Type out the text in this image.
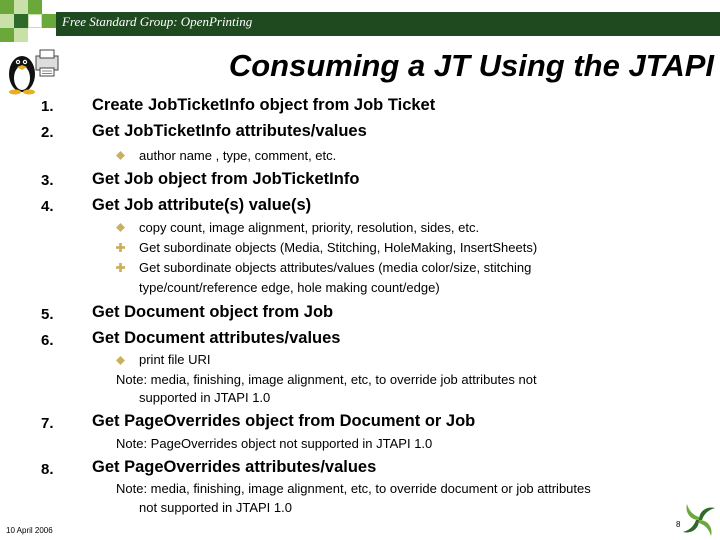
Free Standard Group: OpenPrinting
Consuming a JT Using the JTAPI
1. Create JobTicketInfo object from Job Ticket
2. Get JobTicketInfo attributes/values
author name , type, comment, etc.
3. Get Job object from JobTicketInfo
4. Get Job attribute(s) value(s)
copy count, image alignment, priority, resolution, sides, etc.
Get subordinate objects (Media, Stitching, HoleMaking, InsertSheets)
Get subordinate objects attributes/values (media color/size, stitching
type/count/reference edge, hole making count/edge)
5. Get Document object from Job
6. Get Document attributes/values
print file URI
Note: media, finishing, image alignment, etc, to override job attributes not
supported in JTAPI 1.0
7. Get PageOverrides object from Document or Job
Note: PageOverrides object not supported in JTAPI 1.0
8. Get PageOverrides attributes/values
Note: media, finishing, image alignment, etc, to override document or job attributes
not supported in JTAPI 1.0
10 April 2006
8
